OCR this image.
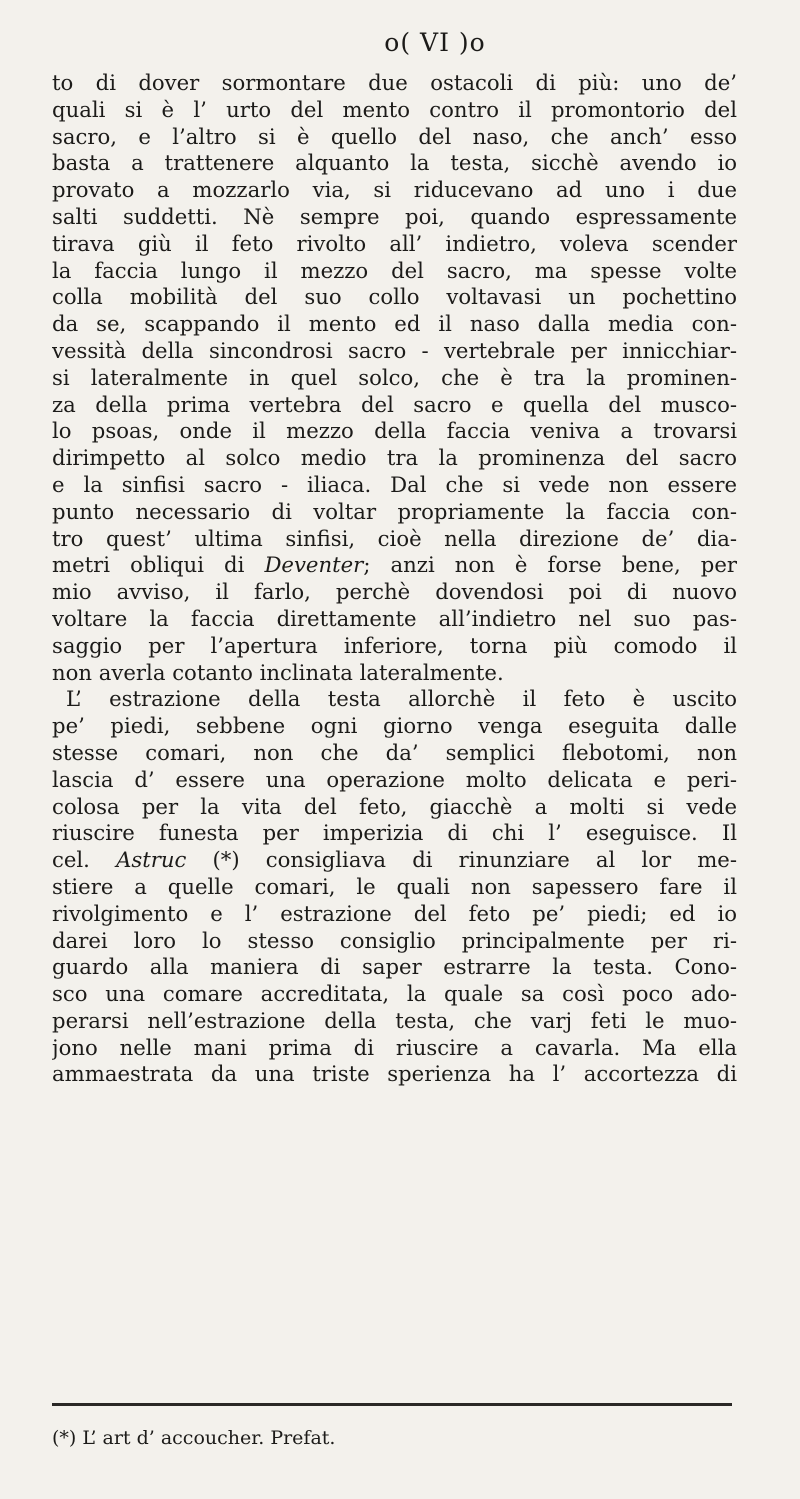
o( VI )o
to di dover sormontare due ostacoli di più: uno de’
quali si è l’ urto del mento contro il promontorio del
sacro, e l’altro si è quello del naso, che anch’ esso
basta a trattenere alquanto la testa, sicchè avendo io
provato a mozzarlo via, si riducevano ad uno i due
salti suddetti. Nè sempre poi, quando espressamente
tirava giù il feto rivolto all’ indietro, voleva scender
la faccia lungo il mezzo del sacro, ma spesse volte
colla mobilità del suo collo voltavasi un pochettino
da se, scappando il mento ed il naso dalla media con-
vessità della sincondrosi sacro - vertebrale per innicchiar-
si lateralmente in quel solco, che è tra la prominen-
za della prima vertebra del sacro e quella del musco-
lo psoas, onde il mezzo della faccia veniva a trovarsi
dirimpetto al solco medio tra la prominenza del sacro
e la sinfisi sacro - iliaca. Dal che si vede non essere
punto necessario di voltar propriamente la faccia con-
tro quest’ ultima sinfisi, cioè nella direzione de’ dia-
metri obliqui di Deventer; anzi non è forse bene, per
mio avviso, il farlo, perchè dovendosi poi di nuovo
voltare la faccia direttamente all’indietro nel suo pas-
saggio per l’apertura inferiore, torna più comodo il
non averla cotanto inclinata lateralmente.
L’ estrazione della testa allorchè il feto è uscito
pe’ piedi, sebbene ogni giorno venga eseguita dalle
stesse comari, non che da’ semplici flebotomi, non
lascia d’ essere una operazione molto delicata e peri-
colosa per la vita del feto, giacchè a molti si vede
riuscire funesta per imperizia di chi l’ eseguisce. Il
cel. Astruc (*) consigliava di rinunziare al lor me-
stiere a quelle comari, le quali non sapessero fare il
rivolgimento e l’ estrazione del feto pe’ piedi; ed io
darei loro lo stesso consiglio principalmente per ri-
guardo alla maniera di saper estrarre la testa. Cono-
sco una comare accreditata, la quale sa così poco ado-
perarsi nell’estrazione della testa, che varj feti le muo-
jono nelle mani prima di riuscire a cavarla. Ma ella
ammaestrata da una triste sperienza ha l’ accortezza di
(*) L’ art d’ accoucher. Prefat.
